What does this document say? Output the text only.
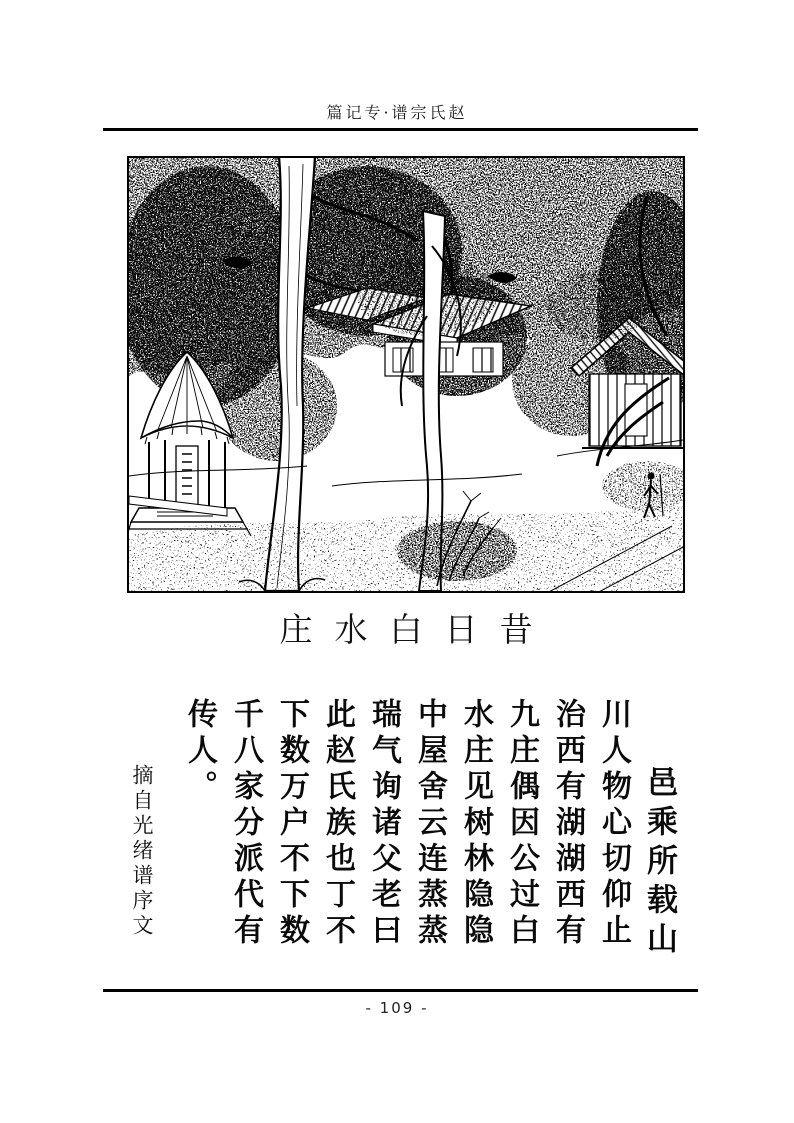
篇记专·谱宗氏赵
庄水白日昔
邑乘所载山
川人物心切仰止
治西有湖湖西有
九庄偶因公过白
水庄见树林隐隐
中屋舍云连蒸蒸
瑞气询诸父老曰
此赵氏族也丁不
下数万户不下数
千八家分派代有
传人。
摘自光绪谱序文
- 109 -
